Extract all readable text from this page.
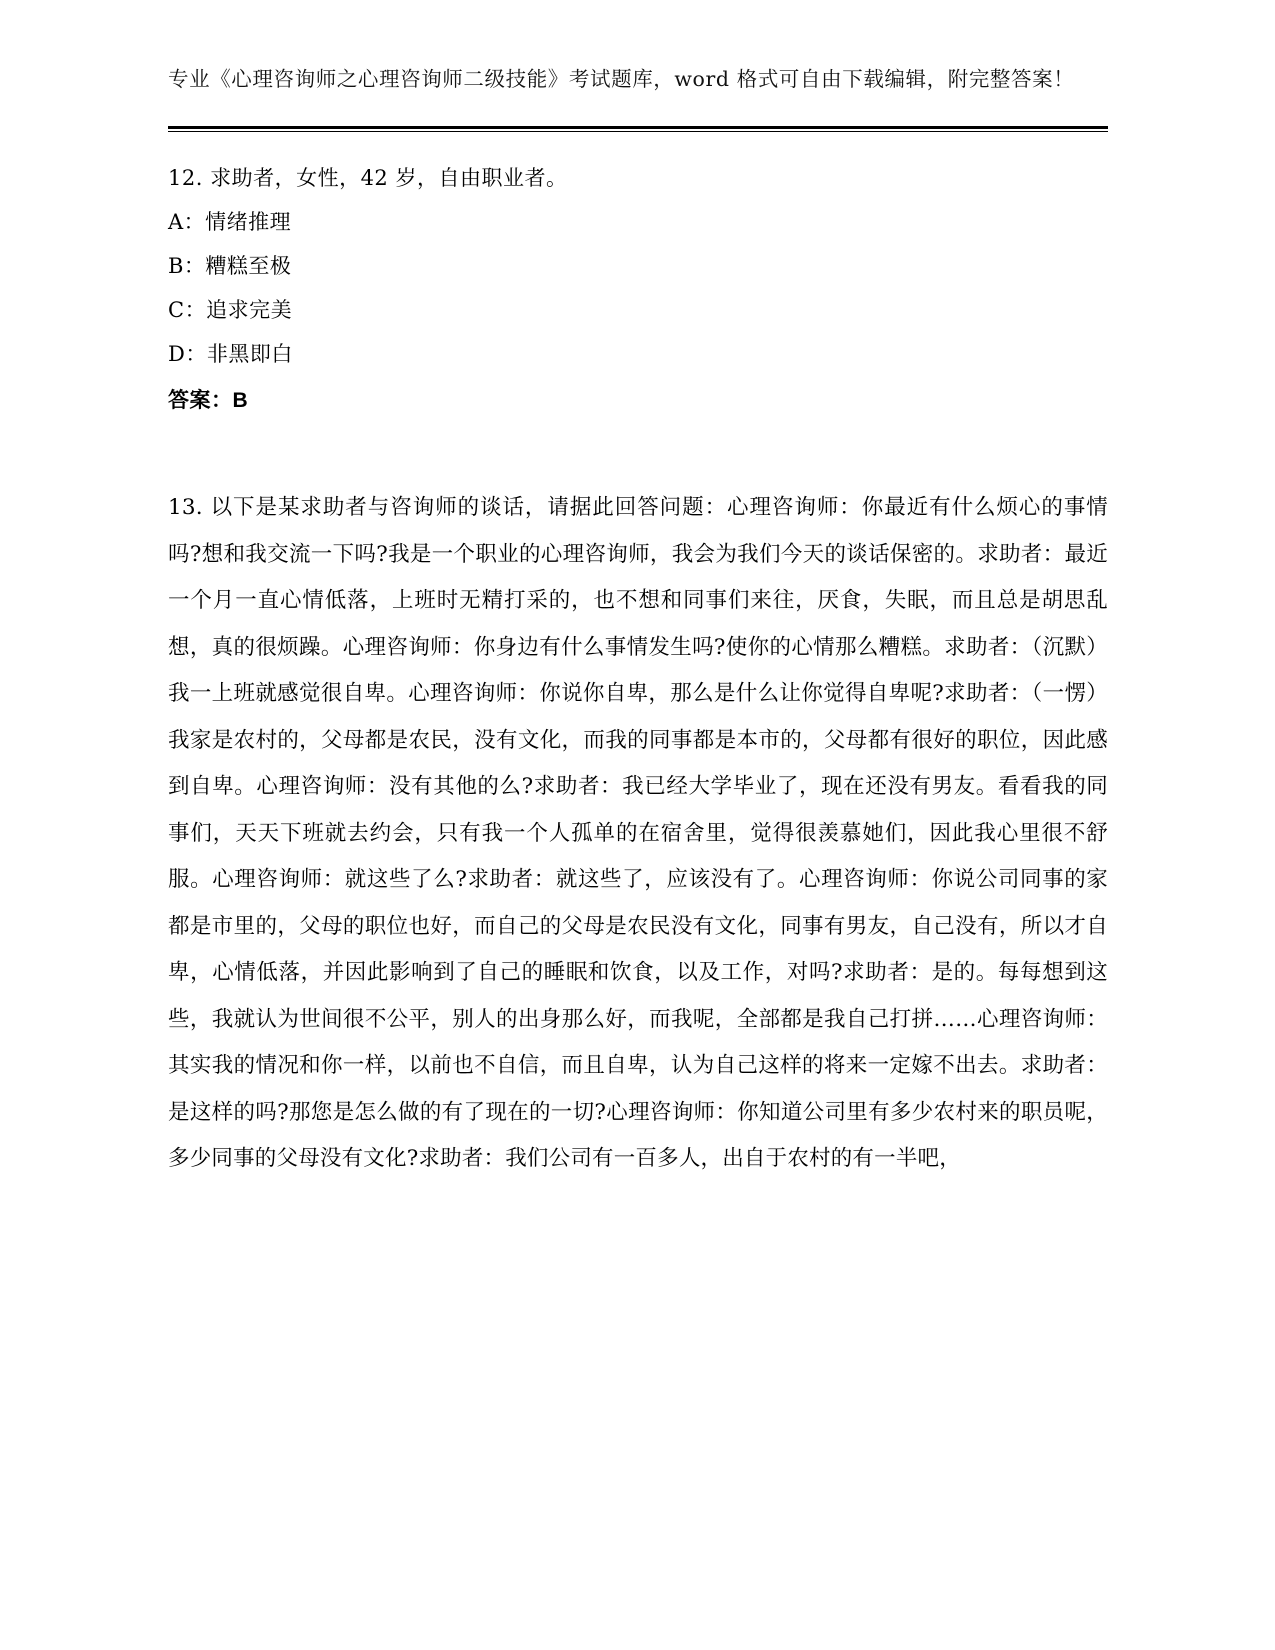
专业《心理咨询师之心理咨询师二级技能》考试题库，word 格式可自由下载编辑，附完整答案！
12. 求助者，女性，42 岁，自由职业者。
A：情绪推理
B：糟糕至极
C：追求完美
D：非黑即白
答案：B
13. 以下是某求助者与咨询师的谈话，请据此回答问题：心理咨询师：你最近有什么烦心的事情吗?想和我交流一下吗?我是一个职业的心理咨询师，我会为我们今天的谈话保密的。求助者：最近一个月一直心情低落，上班时无精打采的，也不想和同事们来往，厌食，失眠，而且总是胡思乱想，真的很烦躁。心理咨询师：你身边有什么事情发生吗?使你的心情那么糟糕。求助者：（沉默）我一上班就感觉很自卑。心理咨询师：你说你自卑，那么是什么让你觉得自卑呢?求助者：（一愣）我家是农村的，父母都是农民，没有文化，而我的同事都是本市的，父母都有很好的职位，因此感到自卑。心理咨询师：没有其他的么?求助者：我已经大学毕业了，现在还没有男友。看看我的同事们，天天下班就去约会，只有我一个人孤单的在宿舍里，觉得很羡慕她们，因此我心里很不舒服。心理咨询师：就这些了么?求助者：就这些了，应该没有了。心理咨询师：你说公司同事的家都是市里的，父母的职位也好，而自己的父母是农民没有文化，同事有男友，自己没有，所以才自卑，心情低落，并因此影响到了自己的睡眠和饮食，以及工作，对吗?求助者：是的。每每想到这些，我就认为世间很不公平，别人的出身那么好，而我呢，全部都是我自己打拼……心理咨询师：其实我的情况和你一样，以前也不自信，而且自卑，认为自己这样的将来一定嫁不出去。求助者：是这样的吗?那您是怎么做的有了现在的一切?心理咨询师：你知道公司里有多少农村来的职员呢，多少同事的父母没有文化?求助者：我们公司有一百多人，出自于农村的有一半吧，
